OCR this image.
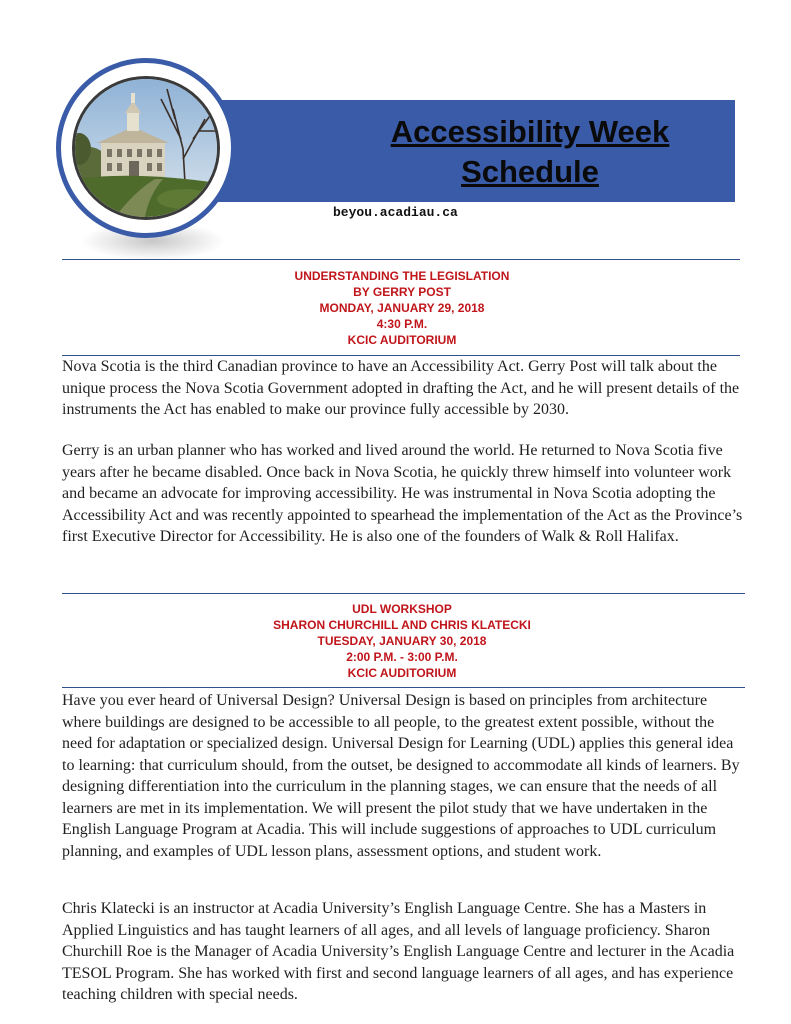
Accessibility Week
Schedule
beyou.acadiau.ca
UNDERSTANDING THE LEGISLATION
BY GERRY POST
MONDAY, JANUARY 29, 2018
4:30 P.M.
KCIC AUDITORIUM

Nova Scotia is the third Canadian province to have an Accessibility Act. Gerry Post will talk about the unique process the Nova Scotia Government adopted in drafting the Act, and he will present details of the instruments the Act has enabled to make our province fully accessible by 2030.

Gerry is an urban planner who has worked and lived around the world. He returned to Nova Scotia five years after he became disabled. Once back in Nova Scotia, he quickly threw himself into volunteer work and became an advocate for improving accessibility. He was instrumental in Nova Scotia adopting the Accessibility Act and was recently appointed to spearhead the implementation of the Act as the Province’s first Executive Director for Accessibility. He is also one of the founders of Walk & Roll Halifax.

UDL WORKSHOP
SHARON CHURCHILL AND CHRIS KLATECKI
TUESDAY, JANUARY 30, 2018
2:00 P.M. - 3:00 P.M.
KCIC AUDITORIUM

Have you ever heard of Universal Design? Universal Design is based on principles from architecture where buildings are designed to be accessible to all people, to the greatest extent possible, without the need for adaptation or specialized design. Universal Design for Learning (UDL) applies this general idea to learning: that curriculum should, from the outset, be designed to accommodate all kinds of learners. By designing differentiation into the curriculum in the planning stages, we can ensure that the needs of all learners are met in its implementation. We will present the pilot study that we have undertaken in the English Language Program at Acadia. This will include suggestions of approaches to UDL curriculum planning, and examples of UDL lesson plans, assessment options, and student work.

Chris Klatecki is an instructor at Acadia University’s English Language Centre. She has a Masters in Applied Linguistics and has taught learners of all ages, and all levels of language proficiency. Sharon Churchill Roe is the Manager of Acadia University’s English Language Centre and lecturer in the Acadia TESOL Program. She has worked with first and second language learners of all ages, and has experience teaching children with special needs.
